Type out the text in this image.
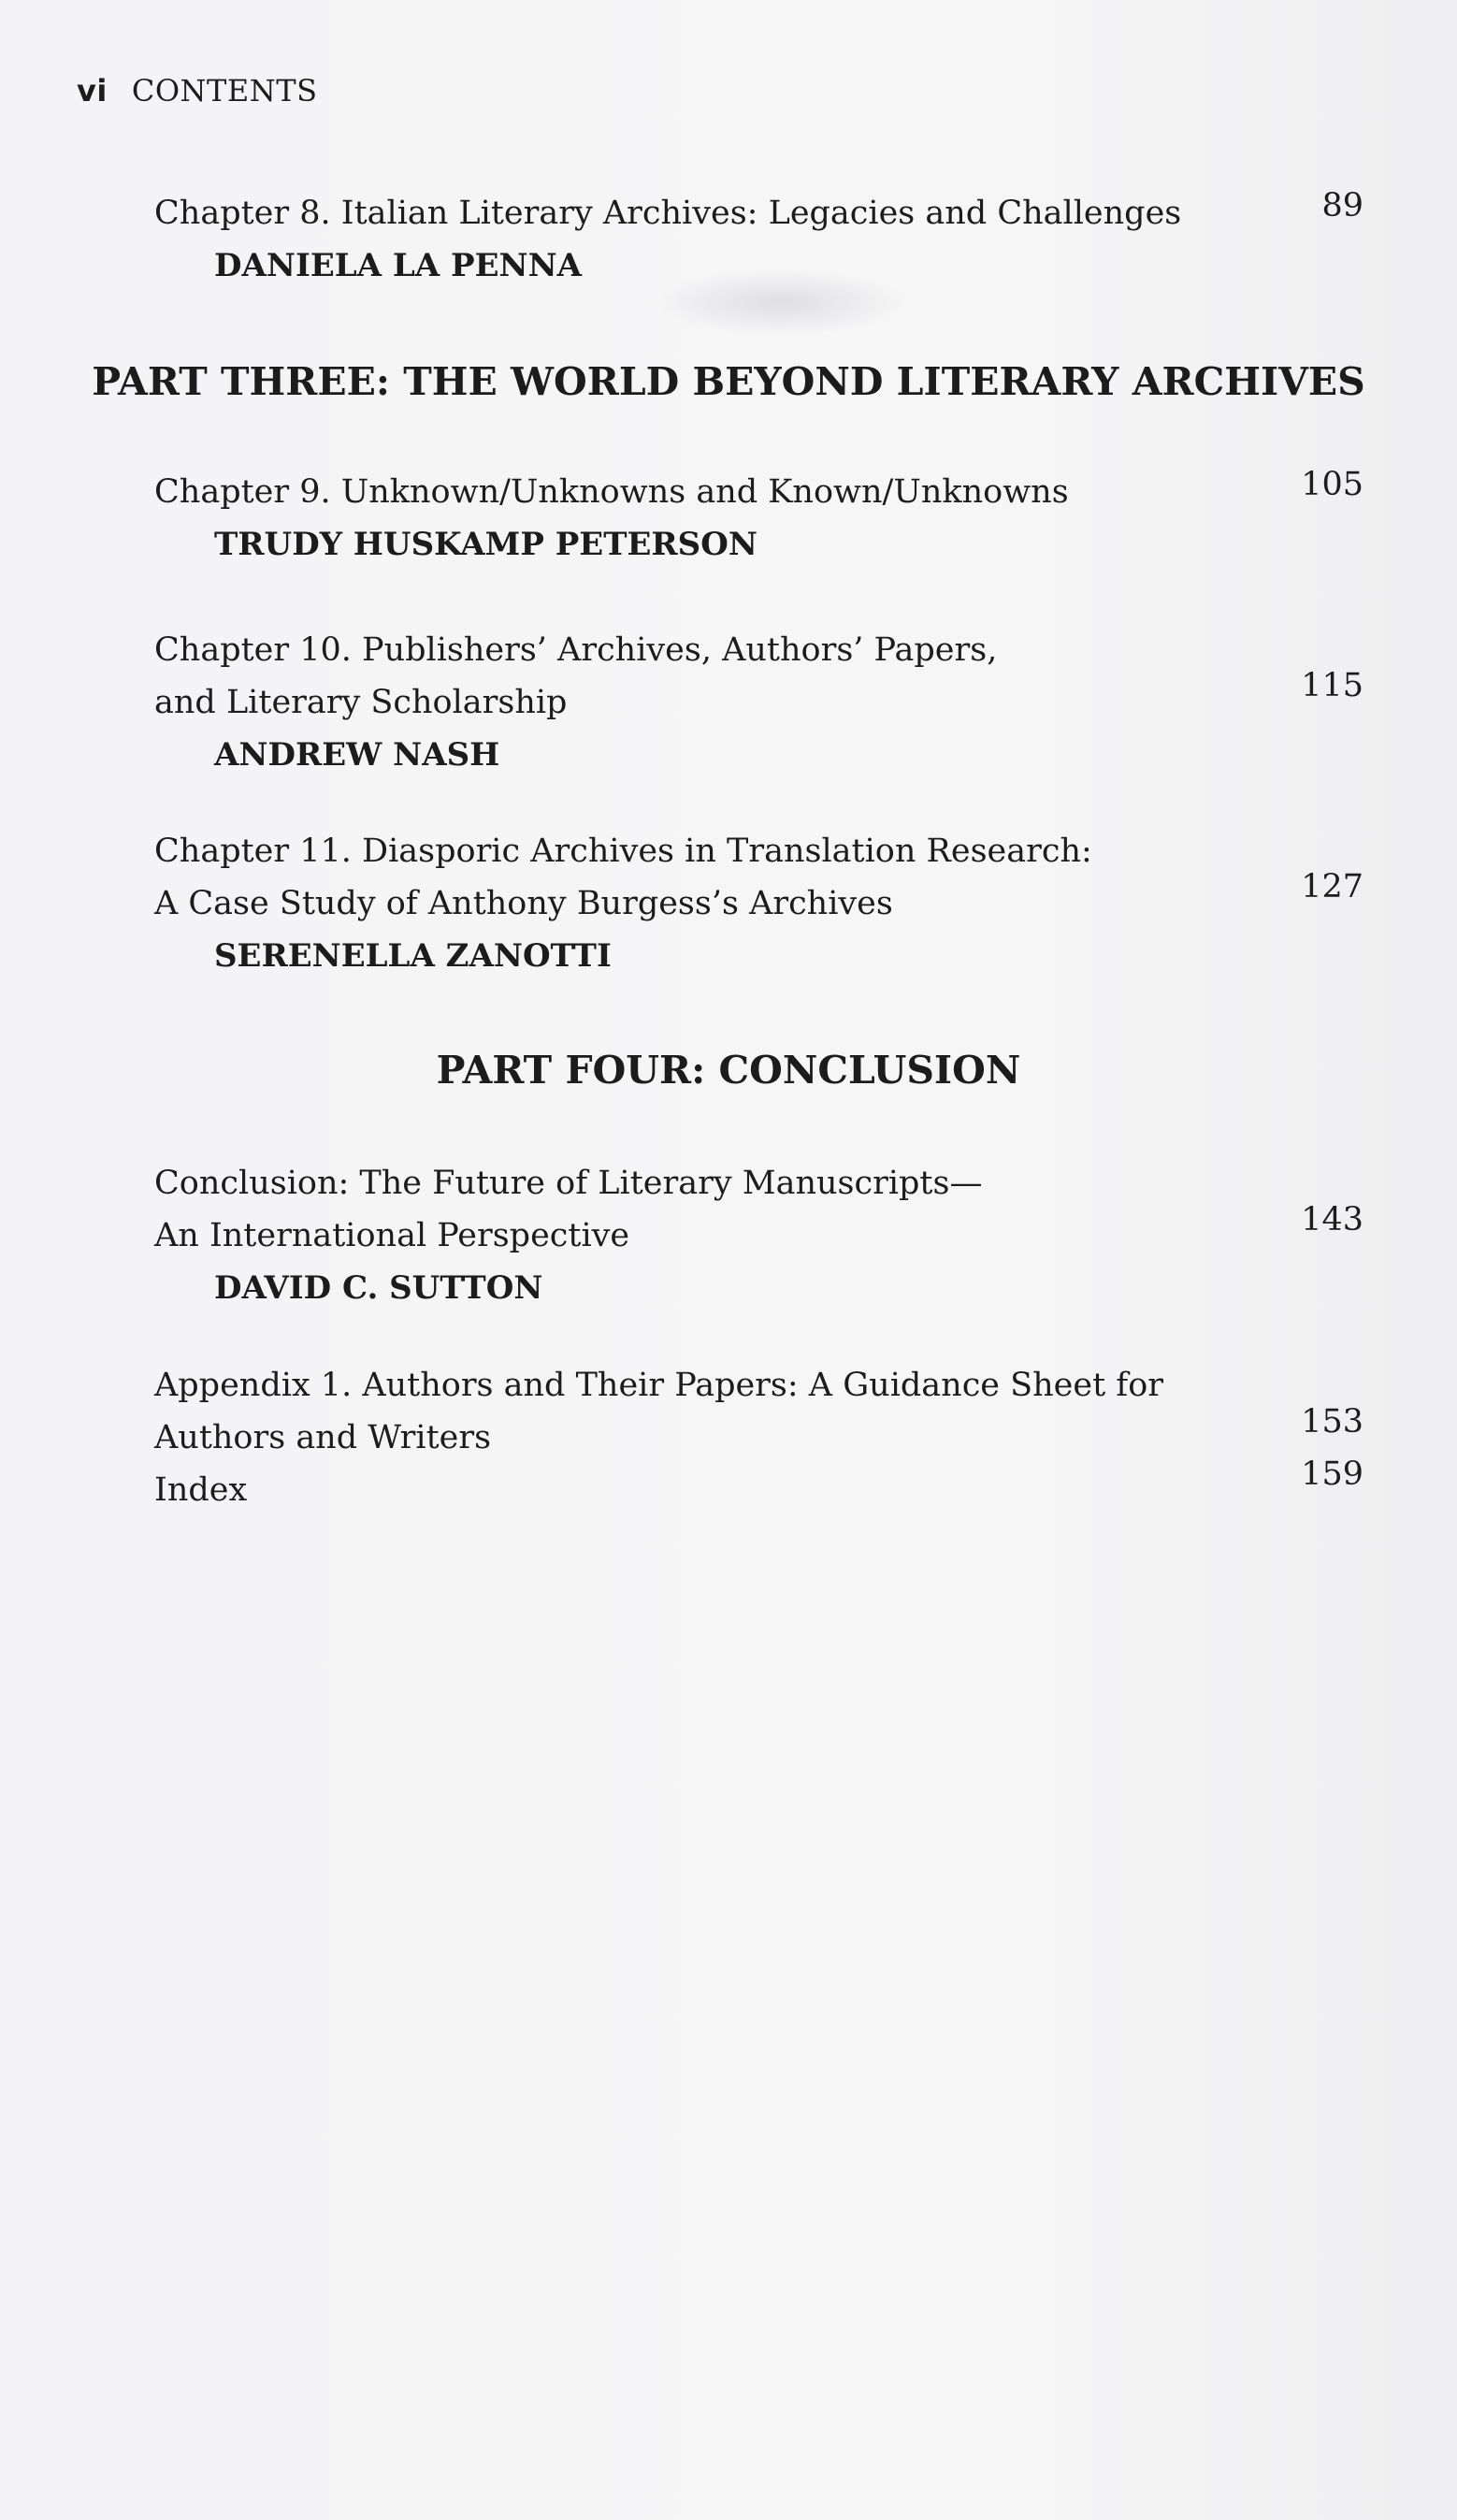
vi CONTENTS
Chapter 8. Italian Literary Archives: Legacies and Challenges
DANIELA LA PENNA
89
PART THREE: THE WORLD BEYOND LITERARY ARCHIVES
Chapter 9. Unknown/Unknowns and Known/Unknowns
TRUDY HUSKAMP PETERSON
105
Chapter 10. Publishers’ Archives, Authors’ Papers,
and Literary Scholarship
ANDREW NASH
115
Chapter 11. Diasporic Archives in Translation Research:
A Case Study of Anthony Burgess’s Archives
SERENELLA ZANOTTI
127
PART FOUR: CONCLUSION
Conclusion: The Future of Literary Manuscripts—
An International Perspective
DAVID C. SUTTON
143
Appendix 1. Authors and Their Papers: A Guidance Sheet for
Authors and Writers	153
Index	159
